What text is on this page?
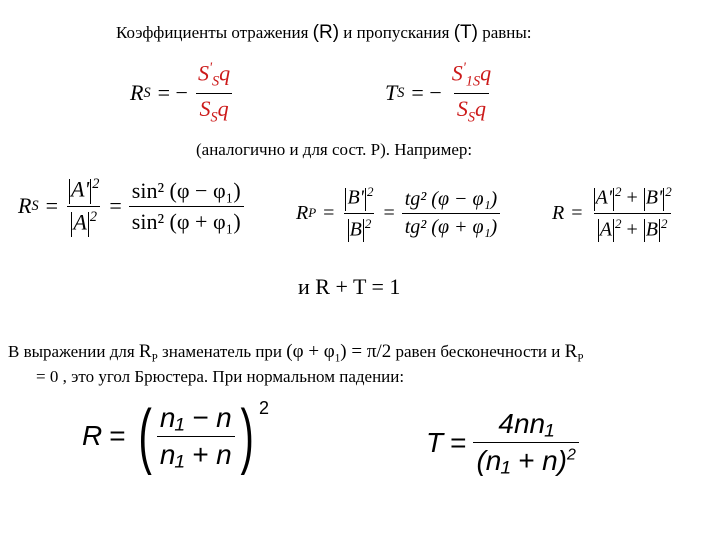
Коэффициенты отражения (R) и пропускания (T) равны:
R S = − $\frac{S'_Sq}{S_Sq}$	T S = − $\frac{S'_{1S}q}{S_Sq}$
(аналогично и для сост. P). Например:
R $S = \frac{A' ^2}{A ^2} = \frac{\text{sin² (φ − φ₁)}}{\text{sin² (φ + φ₁)}}$	R $P = \frac{B' ^2}{B ^2} = \frac{\text{tg² (φ − φ₁)}}{\text{tg² (φ + φ₁)}}$	$R = \frac{A' ^2 + B' ^2}{A ^2 + B ^2}$
и R + T = 1
В выражении для $R_P$ знаменатель при $(\varphi + \varphi_1) = \pi/2$ равен бесконечности и $R_P$
= 0 , это угол Брюстера. При нормальном падении:
R = ( $\frac{\text{n₁ − n}}{\text{n₁ + n}}$ ) $^2$
$T = \frac{\text{4nn₁}}{(n_1 + n)^2}$
